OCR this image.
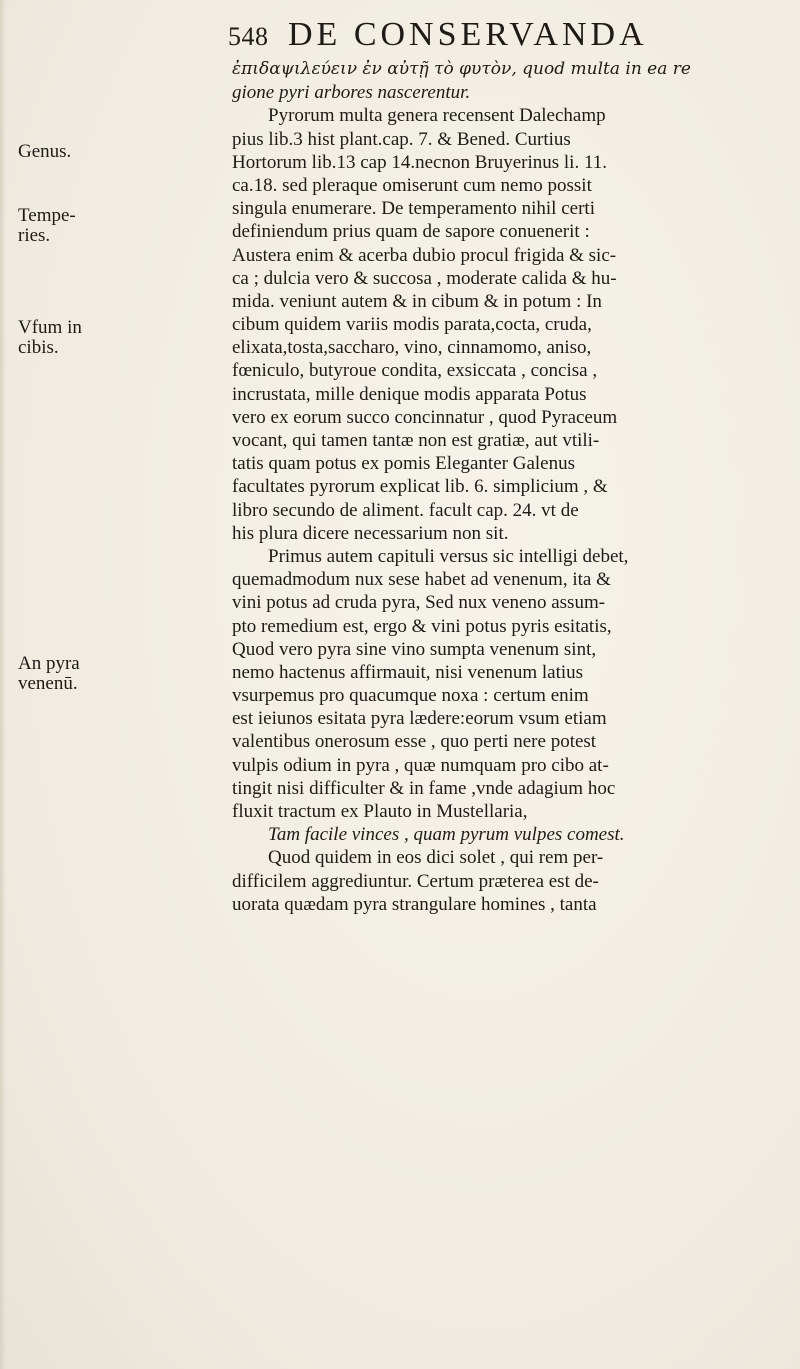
548 DE CONSERVANDA
Genus.
Tempe-
ries.
Vfum in
cibis.
An pyra
venenū.
ἐπιδαψιλεύειν ἐν αὐτῇ τὸ φυτὸν, quod multa in ea re
gione pyri arbores nascerentur.
Pyrorum multa genera recensent Dalechamp
pius lib.3 hist plant.cap. 7. & Bened. Curtius
Hortorum lib.13 cap 14.necnon Bruyerinus li. 11.
ca.18. sed pleraque omiserunt cum nemo possit
singula enumerare. De temperamento nihil certi
definiendum prius quam de sapore conuenerit :
Austera enim & acerba dubio procul frigida & sic-
ca ; dulcia vero & succosa , moderate calida & hu-
mida. veniunt autem & in cibum & in potum : In
cibum quidem variis modis parata,cocta, cruda,
elixata,tosta,saccharo, vino, cinnamomo, aniso,
fœniculo, butyroue condita, exsiccata , concisa ,
incrustata, mille denique modis apparata Potus
vero ex eorum succo concinnatur , quod Pyraceum
vocant, qui tamen tantæ non est gratiæ, aut vtili-
tatis quam potus ex pomis Eleganter Galenus
facultates pyrorum explicat lib. 6. simplicium , &
libro secundo de aliment. facult cap. 24. vt de
his plura dicere necessarium non sit.
Primus autem capituli versus sic intelligi debet,
quemadmodum nux sese habet ad venenum, ita &
vini potus ad cruda pyra, Sed nux veneno assum-
pto remedium est, ergo & vini potus pyris esitatis,
Quod vero pyra sine vino sumpta venenum sint,
nemo hactenus affirmauit, nisi venenum latius
vsurpemus pro quacumque noxa : certum enim
est ieiunos esitata pyra lædere:eorum vsum etiam
valentibus onerosum esse , quo perti nere potest
vulpis odium in pyra , quæ numquam pro cibo at-
tingit nisi difficulter & in fame ,vnde adagium hoc
fluxit tractum ex Plauto in Mustellaria,
Tam facile vinces , quam pyrum vulpes comest.
Quod quidem in eos dici solet , qui rem per-
difficilem aggrediuntur. Certum præterea est de-
uorata quædam pyra strangulare homines , tanta
